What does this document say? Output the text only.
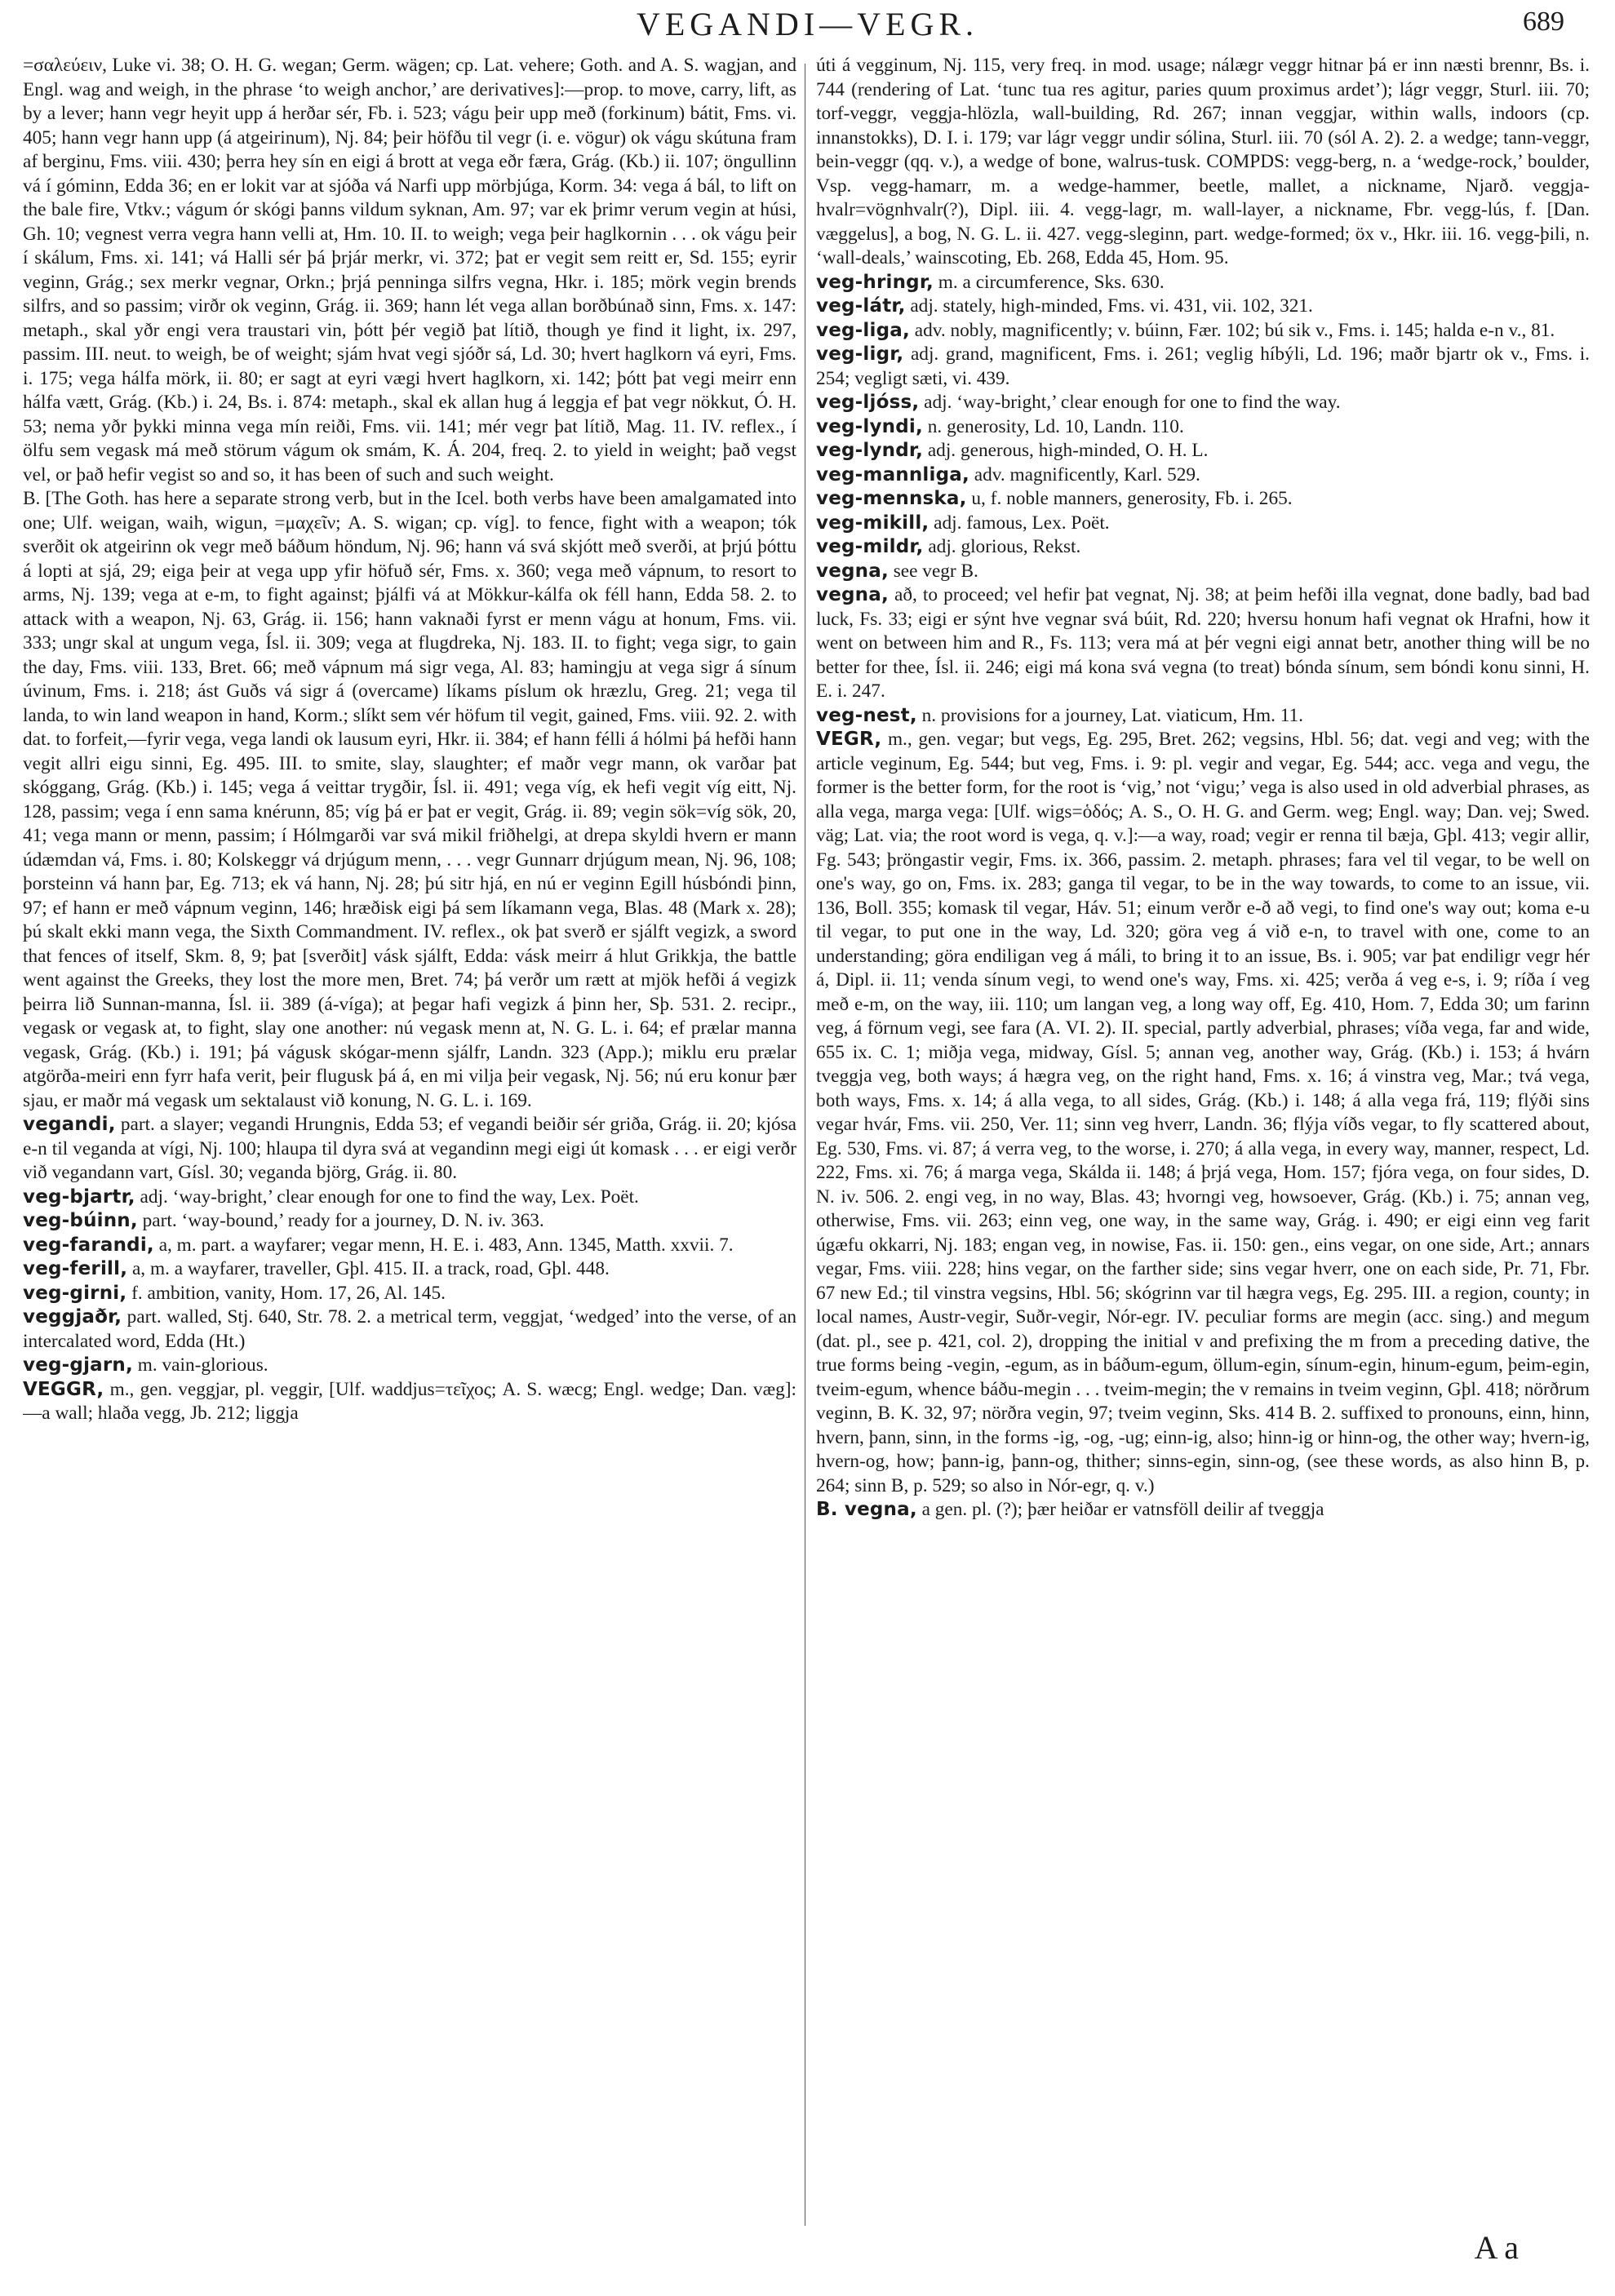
VEGANDI—VEGR.	689

=σαλεύειν, Luke vi. 38; O. H. G. wegan; Germ. wägen; cp. Lat. vehere; Goth. and A. S. wagjan, and Engl. wag and weigh, in the phrase ‘to weigh anchor,’ are derivatives]:—prop. to move, carry, lift, as by a lever; hann vegr heyit upp á herðar sér, Fb. i. 523; vágu þeir upp með (forkinum) bátit, Fms. vi. 405; hann vegr hann upp (á atgeirinum), Nj. 84; þeir höfðu til vegr (i. e. vögur) ok vágu skútuna fram af berginu, Fms. viii. 430; þerra hey sín en eigi á brott at vega eðr færa, Grág. (Kb.) ii. 107; öngullinn vá í góminn, Edda 36; en er lokit var at sjóða vá Narfi upp mörbjúga, Korm. 34: vega á bál, to lift on the bale fire, Vtkv.; vágum ór skógi þanns vildum syknan, Am. 97; var ek þrimr verum vegin at húsi, Gh. 10; vegnest verra vegra hann velli at, Hm. 10. II. to weigh; vega þeir haglkornin . . . ok vágu þeir í skálum, Fms. xi. 141; vá Halli sér þá þrjár merkr, vi. 372; þat er vegit sem reitt er, Sd. 155; eyrir veginn, Grág.; sex merkr vegnar, Orkn.; þrjá penninga silfrs vegna, Hkr. i. 185; mörk vegin brends silfrs, and so passim; virðr ok veginn, Grág. ii. 369; hann lét vega allan borðbúnað sinn, Fms. x. 147: metaph., skal yðr engi vera traustari vin, þótt þér vegið þat lítið, though ye find it light, ix. 297, passim. III. neut. to weigh, be of weight; sjám hvat vegi sjóðr sá, Ld. 30; hvert haglkorn vá eyri, Fms. i. 175; vega hálfa mörk, ii. 80; er sagt at eyri vægi hvert haglkorn, xi. 142; þótt þat vegi meirr enn hálfa vætt, Grág. (Kb.) i. 24, Bs. i. 874: metaph., skal ek allan hug á leggja ef þat vegr nökkut, Ó. H. 53; nema yðr þykki minna vega mín reiði, Fms. vii. 141; mér vegr þat lítið, Mag. 11. IV. reflex., í ölfu sem vegask má með störum vágum ok smám, K. Á. 204, freq. 2. to yield in weight; það vegst vel, or það hefir vegist so and so, it has been of such and such weight.

B. [The Goth. has here a separate strong verb, but in the Icel. both verbs have been amalgamated into one; Ulf. weigan, waih, wigun, =μαχεῖν; A. S. wigan; cp. víg]. to fence, fight with a weapon; tók sverðit ok atgeirinn ok vegr með báðum höndum, Nj. 96; hann vá svá skjótt með sverði, at þrjú þóttu á lopti at sjá, 29; eiga þeir at vega upp yfir höfuð sér, Fms. x. 360; vega með vápnum, to resort to arms, Nj. 139; vega at e-m, to fight against; þjálfi vá at Mökkur-kálfa ok féll hann, Edda 58. 2. to attack with a weapon, Nj. 63, Grág. ii. 156; hann vaknaði fyrst er menn vágu at honum, Fms. vii. 333; ungr skal at ungum vega, Ísl. ii. 309; vega at flugdreka, Nj. 183. II. to fight; vega sigr, to gain the day, Fms. viii. 133, Bret. 66; með vápnum má sigr vega, Al. 83; hamingju at vega sigr á sínum úvinum, Fms. i. 218; ást Guðs vá sigr á (overcame) líkams píslum ok hræzlu, Greg. 21; vega til landa, to win land weapon in hand, Korm.; slíkt sem vér höfum til vegit, gained, Fms. viii. 92. 2. with dat. to forfeit,—fyrir vega, vega landi ok lausum eyri, Hkr. ii. 384; ef hann félli á hólmi þá hefði hann vegit allri eigu sinni, Eg. 495. III. to smite, slay, slaughter; ef maðr vegr mann, ok varðar þat skóggang, Grág. (Kb.) i. 145; vega á veittar trygðir, Ísl. ii. 491; vega víg, ek hefi vegit víg eitt, Nj. 128, passim; vega í enn sama knérunn, 85; víg þá er þat er vegit, Grág. ii. 89; vegin sök=víg sök, 20, 41; vega mann or menn, passim; í Hólmgarði var svá mikil friðhelgi, at drepa skyldi hvern er mann údæmdan vá, Fms. i. 80; Kolskeggr vá drjúgum menn, . . . vegr Gunnarr drjúgum mean, Nj. 96, 108; þorsteinn vá hann þar, Eg. 713; ek vá hann, Nj. 28; þú sitr hjá, en nú er veginn Egill húsbóndi þinn, 97; ef hann er með vápnum veginn, 146; hræðisk eigi þá sem líkamann vega, Blas. 48 (Mark x. 28); þú skalt ekki mann vega, the Sixth Commandment. IV. reflex., ok þat sverð er sjálft vegizk, a sword that fences of itself, Skm. 8, 9; þat [sverðit] vásk sjálft, Edda: vásk meirr á hlut Grikkja, the battle went against the Greeks, they lost the more men, Bret. 74; þá verðr um rætt at mjök hefði á vegizk þeirra lið Sunnan-manna, Ísl. ii. 389 (á-víga); at þegar hafi vegizk á þinn her, Sþ. 531. 2. recipr., vegask or vegask at, to fight, slay one another: nú vegask menn at, N. G. L. i. 64; ef prælar manna vegask, Grág. (Kb.) i. 191; þá vágusk skógar-menn sjálfr, Landn. 323 (App.); miklu eru prælar atgörða-meiri enn fyrr hafa verit, þeir flugusk þá á, en mi vilja þeir vegask, Nj. 56; nú eru konur þær sjau, er maðr má vegask um sektalaust við konung, N. G. L. i. 169.

vegandi, part. a slayer; vegandi Hrungnis, Edda 53; ef vegandi beiðir sér griða, Grág. ii. 20; kjósa e-n til veganda at vígi, Nj. 100; hlaupa til dyra svá at vegandinn megi eigi út komask . . . er eigi verðr við vegandann vart, Gísl. 30; veganda björg, Grág. ii. 80.

veg-bjartr, adj. ‘way-bright,’ clear enough for one to find the way, Lex. Poët.

veg-búinn, part. ‘way-bound,’ ready for a journey, D. N. iv. 363.

veg-farandi, a, m. part. a wayfarer; vegar menn, H. E. i. 483, Ann. 1345, Matth. xxvii. 7.

veg-ferill, a, m. a wayfarer, traveller, Gþl. 415. II. a track, road, Gþl. 448.

veg-girni, f. ambition, vanity, Hom. 17, 26, Al. 145.

veggjaðr, part. walled, Stj. 640, Str. 78. 2. a metrical term, veggjat, ‘wedged’ into the verse, of an intercalated word, Edda (Ht.)

veg-gjarn, m. vain-glorious.

VEGGR, m., gen. veggjar, pl. veggir, [Ulf. waddjus=τεῖχος; A. S. wæcg; Engl. wedge; Dan. væg]:—a wall; hlaða vegg, Jb. 212; liggja

úti á vegginum, Nj. 115, very freq. in mod. usage; nálægr veggr hitnar þá er inn næsti brennr, Bs. i. 744 (rendering of Lat. ‘tunc tua res agitur, paries quum proximus ardet’); lágr veggr, Sturl. iii. 70; torf-veggr, veggja-hlözla, wall-building, Rd. 267; innan veggjar, within walls, indoors (cp. innanstokks), D. I. i. 179; var lágr veggr undir sólina, Sturl. iii. 70 (sól A. 2). 2. a wedge; tann-veggr, bein-veggr (qq. v.), a wedge of bone, walrus-tusk. COMPDS: vegg-berg, n. a ‘wedge-rock,’ boulder, Vsp. vegg-hamarr, m. a wedge-hammer, beetle, mallet, a nickname, Njarð. veggja-hvalr=vögnhvalr(?), Dipl. iii. 4. vegg-lagr, m. wall-layer, a nickname, Fbr. vegg-lús, f. [Dan. væggelus], a bog, N. G. L. ii. 427. vegg-sleginn, part. wedge-formed; öx v., Hkr. iii. 16. vegg-þili, n. ‘wall-deals,’ wainscoting, Eb. 268, Edda 45, Hom. 95.

veg-hringr, m. a circumference, Sks. 630.

veg-látr, adj. stately, high-minded, Fms. vi. 431, vii. 102, 321.

veg-liga, adv. nobly, magnificently; v. búinn, Fær. 102; bú sik v., Fms. i. 145; halda e-n v., 81.

veg-ligr, adj. grand, magnificent, Fms. i. 261; veglig híbýli, Ld. 196; maðr bjartr ok v., Fms. i. 254; vegligt sæti, vi. 439.

veg-ljóss, adj. ‘way-bright,’ clear enough for one to find the way.

veg-lyndi, n. generosity, Ld. 10, Landn. 110.

veg-lyndr, adj. generous, high-minded, O. H. L.

veg-mannliga, adv. magnificently, Karl. 529.

veg-mennska, u, f. noble manners, generosity, Fb. i. 265.

veg-mikill, adj. famous, Lex. Poët.

veg-mildr, adj. glorious, Rekst.

vegna, see vegr B.

vegna, að, to proceed; vel hefir þat vegnat, Nj. 38; at þeim hefði illa vegnat, done badly, bad bad luck, Fs. 33; eigi er sýnt hve vegnar svá búit, Rd. 220; hversu honum hafi vegnat ok Hrafni, how it went on between him and R., Fs. 113; vera má at þér vegni eigi annat betr, another thing will be no better for thee, Ísl. ii. 246; eigi má kona svá vegna (to treat) bónda sínum, sem bóndi konu sinni, H. E. i. 247.

veg-nest, n. provisions for a journey, Lat. viaticum, Hm. 11.

VEGR, m., gen. vegar; but vegs, Eg. 295, Bret. 262; vegsins, Hbl. 56; dat. vegi and veg; with the article veginum, Eg. 544; but veg, Fms. i. 9: pl. vegir and vegar, Eg. 544; acc. vega and vegu, the former is the better form, for the root is ‘vig,’ not ‘vigu;’ vega is also used in old adverbial phrases, as alla vega, marga vega: [Ulf. wigs=ὁδός; A. S., O. H. G. and Germ. weg; Engl. way; Dan. vej; Swed. väg; Lat. via; the root word is vega, q. v.]:—a way, road; vegir er renna til bæja, Gþl. 413; vegir allir, Fg. 543; þröngastir vegir, Fms. ix. 366, passim. 2. metaph. phrases; fara vel til vegar, to be well on one's way, go on, Fms. ix. 283; ganga til vegar, to be in the way towards, to come to an issue, vii. 136, Boll. 355; komask til vegar, Háv. 51; einum verðr e-ð að vegi, to find one's way out; koma e-u til vegar, to put one in the way, Ld. 320; göra veg á við e-n, to travel with one, come to an understanding; göra endiligan veg á máli, to bring it to an issue, Bs. i. 905; var þat endiligr vegr hér á, Dipl. ii. 11; venda sínum vegi, to wend one's way, Fms. xi. 425; verða á veg e-s, i. 9; ríða í veg með e-m, on the way, iii. 110; um langan veg, a long way off, Eg. 410, Hom. 7, Edda 30; um farinn veg, á förnum vegi, see fara (A. VI. 2). II. special, partly adverbial, phrases; víða vega, far and wide, 655 ix. C. 1; miðja vega, midway, Gísl. 5; annan veg, another way, Grág. (Kb.) i. 153; á hvárn tveggja veg, both ways; á hægra veg, on the right hand, Fms. x. 16; á vinstra veg, Mar.; tvá vega, both ways, Fms. x. 14; á alla vega, to all sides, Grág. (Kb.) i. 148; á alla vega frá, 119; flýði sins vegar hvár, Fms. vii. 250, Ver. 11; sinn veg hverr, Landn. 36; flýja víðs vegar, to fly scattered about, Eg. 530, Fms. vi. 87; á verra veg, to the worse, i. 270; á alla vega, in every way, manner, respect, Ld. 222, Fms. xi. 76; á marga vega, Skálda ii. 148; á þrjá vega, Hom. 157; fjóra vega, on four sides, D. N. iv. 506. 2. engi veg, in no way, Blas. 43; hvorngi veg, howsoever, Grág. (Kb.) i. 75; annan veg, otherwise, Fms. vii. 263; einn veg, one way, in the same way, Grág. i. 490; er eigi einn veg farit úgæfu okkarri, Nj. 183; engan veg, in nowise, Fas. ii. 150: gen., eins vegar, on one side, Art.; annars vegar, Fms. viii. 228; hins vegar, on the farther side; sins vegar hverr, one on each side, Pr. 71, Fbr. 67 new Ed.; til vinstra vegsins, Hbl. 56; skógrinn var til hægra vegs, Eg. 295. III. a region, county; in local names, Austr-vegir, Suðr-vegir, Nór-egr. IV. peculiar forms are megin (acc. sing.) and megum (dat. pl., see p. 421, col. 2), dropping the initial v and prefixing the m from a preceding dative, the true forms being -vegin, -egum, as in báðum-egum, öllum-egin, sínum-egin, hinum-egum, þeim-egin, tveim-egum, whence báðu-megin . . . tveim-megin; the v remains in tveim veginn, Gþl. 418; nörðrum veginn, B. K. 32, 97; nörðra vegin, 97; tveim veginn, Sks. 414 B. 2. suffixed to pronouns, einn, hinn, hvern, þann, sinn, in the forms -ig, -og, -ug; einn-ig, also; hinn-ig or hinn-og, the other way; hvern-ig, hvern-og, how; þann-ig, þann-og, thither; sinns-egin, sinn-og, (see these words, as also hinn B, p. 264; sinn B, p. 529; so also in Nór-egr, q. v.)

B. vegna, a gen. pl. (?); þær heiðar er vatnsföll deilir af tveggja

A a
